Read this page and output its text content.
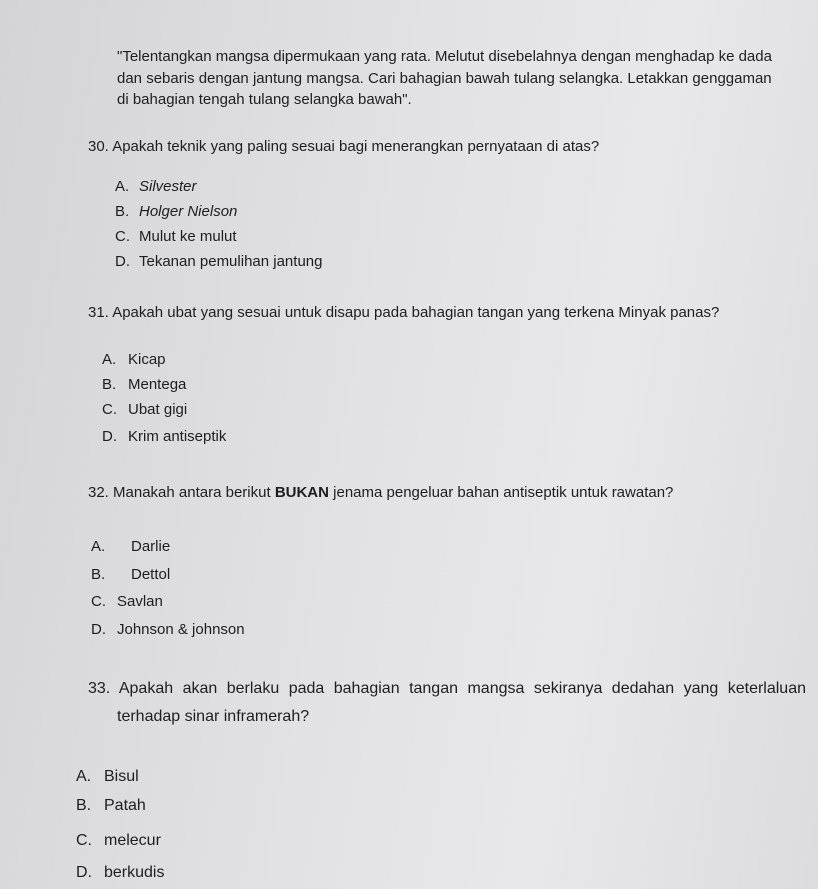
"Telentangkan mangsa dipermukaan yang rata. Melutut disebelahnya dengan menghadap ke dada
dan sebaris dengan jantung mangsa. Cari bahagian bawah tulang selangka. Letakkan genggaman
di bahagian tengah tulang selangka bawah".
30. Apakah teknik yang paling sesuai bagi menerangkan pernyataan di atas?
A. Silvester
B. Holger Nielson
C. Mulut ke mulut
D. Tekanan pemulihan jantung
31. Apakah ubat yang sesuai untuk disapu pada bahagian tangan yang terkena Minyak panas?
A. Kicap
B. Mentega
C. Ubat gigi
D. Krim antiseptik
32. Manakah antara berikut BUKAN jenama pengeluar bahan antiseptik untuk rawatan?
A. Darlie
B. Dettol
C. Savlan
D. Johnson & johnson
33. Apakah akan berlaku pada bahagian tangan mangsa sekiranya dedahan yang keterlaluan
terhadap sinar inframerah?
A. Bisul
B. Patah
C. melecur
D. berkudis
